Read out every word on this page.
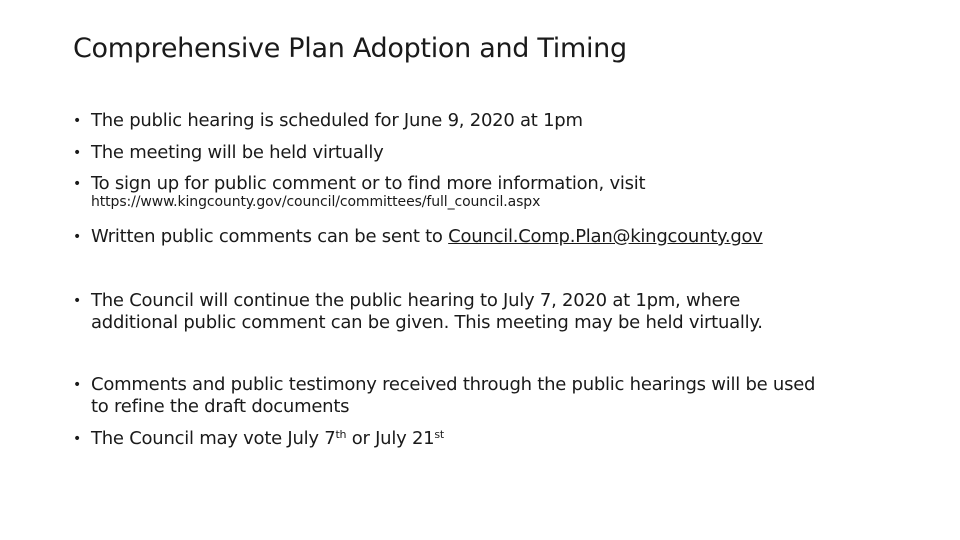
Comprehensive Plan Adoption and Timing
• The public hearing is scheduled for June 9, 2020 at 1pm
• The meeting will be held virtually
• To sign up for public comment or to find more information, visit
https://www.kingcounty.gov/council/committees/full_council.aspx
• Written public comments can be sent to Council.Comp.Plan@kingcounty.gov
• The Council will continue the public hearing to July 7, 2020 at 1pm, where
additional public comment can be given. This meeting may be held virtually.
• Comments and public testimony received through the public hearings will be used
to refine the draft documents
• The Council may vote July 7th or July 21st
